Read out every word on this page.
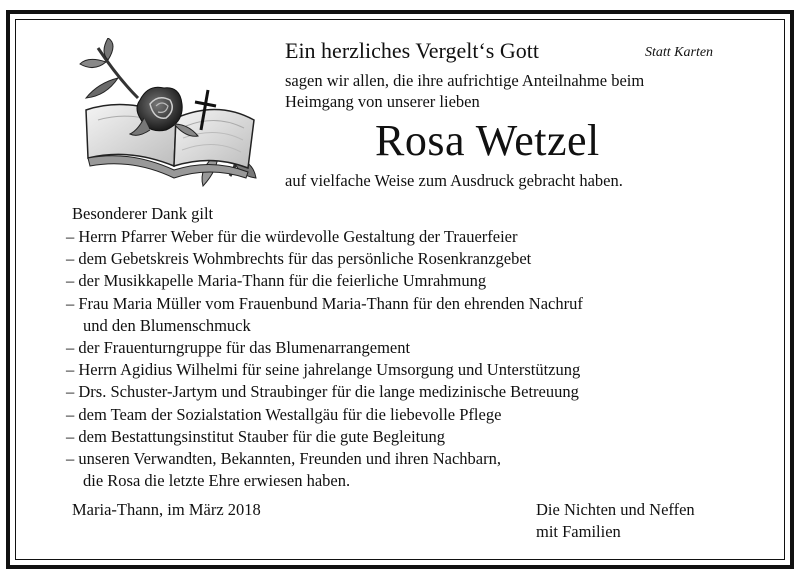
Ein herzliches Vergelt‘s Gott	Statt Karten
sagen wir allen, die ihre aufrichtige Anteilnahme beim
Heimgang von unserer lieben
Rosa Wetzel
auf vielfache Weise zum Ausdruck gebracht haben.
Besonderer Dank gilt
– Herrn Pfarrer Weber für die würdevolle Gestaltung der Trauerfeier
– dem Gebetskreis Wohmbrechts für das persönliche Rosenkranzgebet
– der Musikkapelle Maria-Thann für die feierliche Umrahmung
– Frau Maria Müller vom Frauenbund Maria-Thann für den ehrenden Nachruf
und den Blumenschmuck
– der Frauenturngruppe für das Blumenarrangement
– Herrn Agidius Wilhelmi für seine jahrelange Umsorgung und Unterstützung
– Drs. Schuster-Jartym und Straubinger für die lange medizinische Betreuung
– dem Team der Sozialstation Westallgäu für die liebevolle Pflege
– dem Bestattungsinstitut Stauber für die gute Begleitung
– unseren Verwandten, Bekannten, Freunden und ihren Nachbarn,
die Rosa die letzte Ehre erwiesen haben.
Maria-Thann, im März 2018	Die Nichten und Neffen
mit Familien
